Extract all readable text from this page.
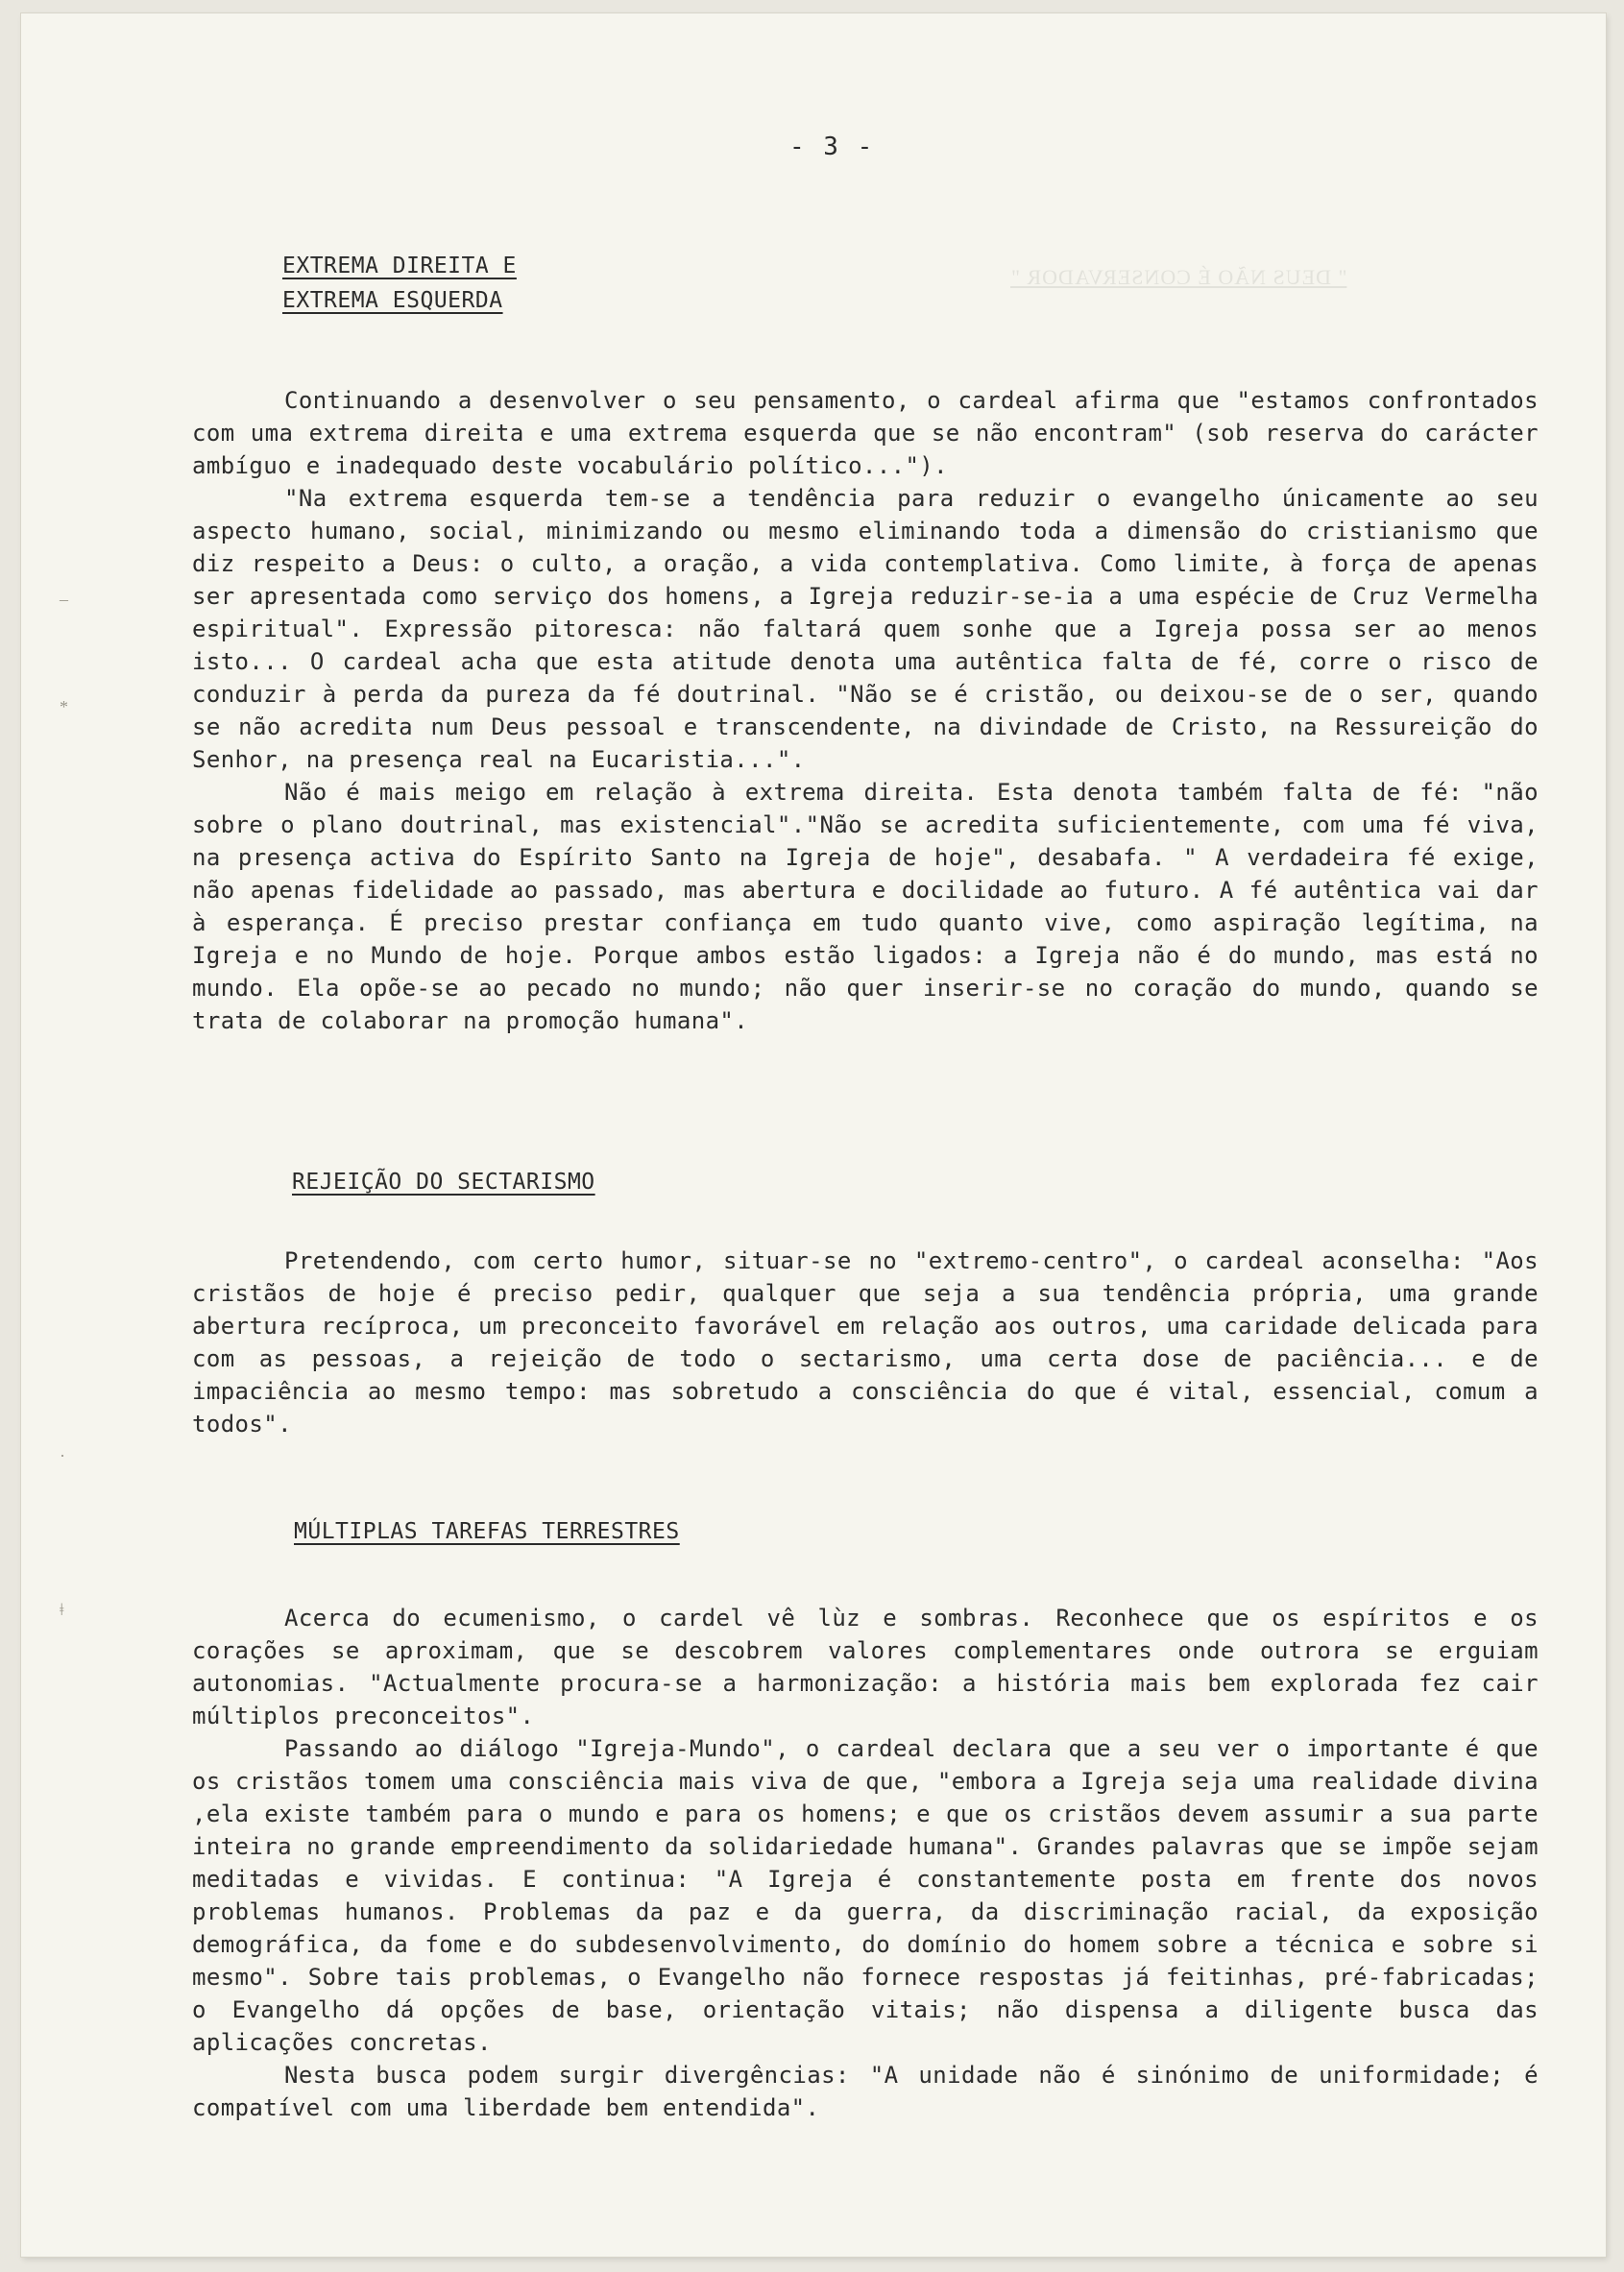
" DEUS NÃO É CONSERVADOR "
–
*
·
ǂ
- 3 -
EXTREMA DIREITA E
EXTREMA ESQUERDA

Continuando a desenvolver o seu pensamento, o cardeal afirma que "estamos confrontados com uma extrema direita e uma extrema esquerda que se não encontram" (sob reserva do carácter ambíguo e inadequado deste vocabulário político...").

"Na extrema esquerda tem-se a tendência para reduzir o evangelho únicamente ao seu aspecto humano, social, minimizando ou mesmo eliminando toda a dimensão do cristianismo que diz respeito a Deus: o culto, a oração, a vida contemplativa. Como limite, à força de apenas ser apresentada como serviço dos homens, a Igreja reduzir-se-ia a uma espécie de Cruz Vermelha espiritual". Expressão pitoresca: não faltará quem sonhe que a Igreja possa ser ao menos isto... O cardeal acha que esta atitude denota uma autêntica falta de fé, corre o risco de conduzir à perda da pureza da fé doutrinal. "Não se é cristão, ou deixou-se de o ser, quando se não acredita num Deus pessoal e transcendente, na divindade de Cristo, na Ressureição do Senhor, na presença real na Eucaristia...".

Não é mais meigo em relação à extrema direita. Esta denota também falta de fé: "não sobre o plano doutrinal, mas existencial"."Não se acredita suficientemente, com uma fé viva, na presença activa do Espírito Santo na Igreja de hoje", desabafa. " A verdadeira fé exige, não apenas fidelidade ao passado, mas abertura e docilidade ao futuro. A fé autêntica vai dar à esperança. É preciso prestar confiança em tudo quanto vive, como aspiração legítima, na Igreja e no Mundo de hoje. Porque ambos estão ligados: a Igreja não é do mundo, mas está no mundo. Ela opõe-se ao pecado no mundo; não quer inserir-se no coração do mundo, quando se trata de colaborar na promoção humana".

REJEIÇÃO DO SECTARISMO

Pretendendo, com certo humor, situar-se no "extremo-centro", o cardeal aconselha: "Aos cristãos de hoje é preciso pedir, qualquer que seja a sua tendência própria, uma grande abertura recíproca, um preconceito favorável em relação aos outros, uma caridade delicada para com as pessoas, a rejeição de todo o sectarismo, uma certa dose de paciência... e de impaciência ao mesmo tempo: mas sobretudo a consciência do que é vital, essencial, comum a todos".

MÚLTIPLAS TAREFAS TERRESTRES

Acerca do ecumenismo, o cardel vê lùz e sombras. Reconhece que os espíritos e os corações se aproximam, que se descobrem valores complementares onde outrora se erguiam autonomias. "Actualmente procura-se a harmonização: a história mais bem explorada fez cair múltiplos preconceitos".

Passando ao diálogo "Igreja-Mundo", o cardeal declara que a seu ver o importante é que os cristãos tomem uma consciência mais viva de que, "embora a Igreja seja uma realidade divina ,ela existe também para o mundo e para os homens; e que os cristãos devem assumir a sua parte inteira no grande empreendimento da solidariedade humana". Grandes palavras que se impõe sejam meditadas e vividas. E continua: "A Igreja é constantemente posta em frente dos novos problemas humanos. Problemas da paz e da guerra, da discriminação racial, da exposição demográfica, da fome e do subdesenvolvimento, do domínio do homem sobre a técnica e sobre si mesmo". Sobre tais problemas, o Evangelho não fornece respostas já feitinhas, pré-fabricadas; o Evangelho dá opções de base, orientação vitais; não dispensa a diligente busca das aplicações concretas.

Nesta busca podem surgir divergências: "A unidade não é sinónimo de uniformidade; é compatível com uma liberdade bem entendida".
